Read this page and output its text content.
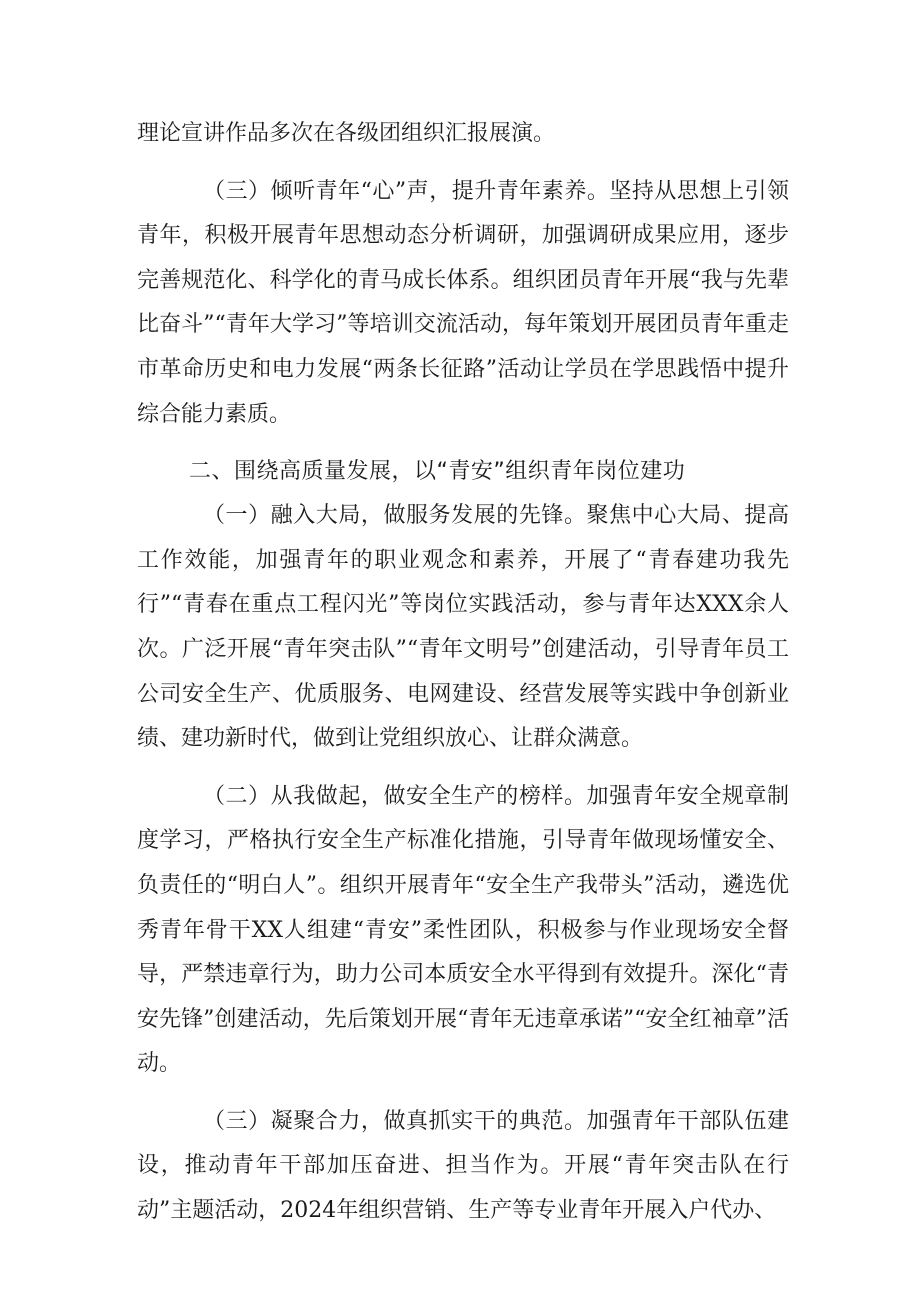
理论宣讲作品多次在各级团组织汇报展演。

（三）倾听青年“心”声，提升青年素养。坚持从思想上引领青年，积极开展青年思想动态分析调研，加强调研成果应用，逐步完善规范化、科学化的青马成长体系。组织团员青年开展“我与先辈比奋斗”“青年大学习”等培训交流活动，每年策划开展团员青年重走市革命历史和电力发展“两条长征路”活动让学员在学思践悟中提升综合能力素质。

二、围绕高质量发展，以“青安”组织青年岗位建功

（一）融入大局，做服务发展的先锋。聚焦中心大局、提高工作效能，加强青年的职业观念和素养，开展了“青春建功我先行”“青春在重点工程闪光”等岗位实践活动，参与青年达XXX余人次。广泛开展“青年突击队”“青年文明号”创建活动，引导青年员工公司安全生产、优质服务、电网建设、经营发展等实践中争创新业绩、建功新时代，做到让党组织放心、让群众满意。

（二）从我做起，做安全生产的榜样。加强青年安全规章制度学习，严格执行安全生产标准化措施，引导青年做现场懂安全、负责任的“明白人”。组织开展青年“安全生产我带头”活动，遴选优秀青年骨干XX人组建“青安”柔性团队，积极参与作业现场安全督导，严禁违章行为，助力公司本质安全水平得到有效提升。深化“青安先锋”创建活动，先后策划开展“青年无违章承诺”“安全红袖章”活动。

（三）凝聚合力，做真抓实干的典范。加强青年干部队伍建设，推动青年干部加压奋进、担当作为。开展“青年突击队在行动”主题活动，2024年组织营销、生产等专业青年开展入户代办、
